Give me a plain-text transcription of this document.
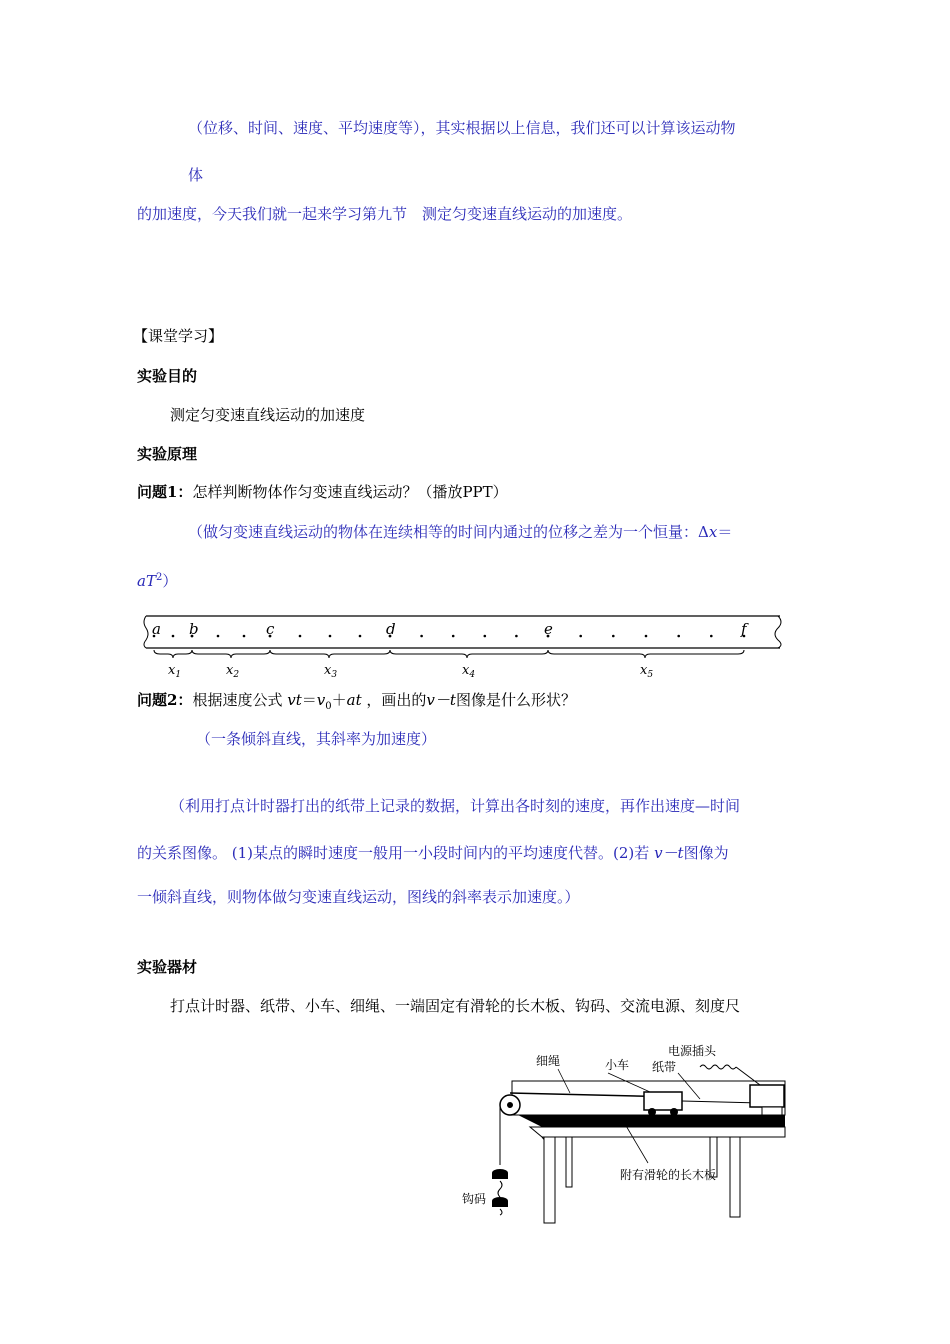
（位移、时间、速度、平均速度等），其实根据以上信息，我们还可以计算该运动物
体
的加速度，今天我们就一起来学习第九节　测定匀变速直线运动的加速度。
【课堂学习】
实验目的
测定匀变速直线运动的加速度
实验原理
问题1：怎样判断物体作匀变速直线运动？（播放PPT）
（做匀变速直线运动的物体在连续相等的时间内通过的位移之差为一个恒量：Δx＝
$aT^2$）
a b	c	d	e	f
$x_1$	$x_2$	$x_3$	$x_4$	$x_5$
问题2：根据速度公式 $vt=v_0+at$ ，画出的v－t图像是什么形状？
（一条倾斜直线，其斜率为加速度）
（利用打点计时器打出的纸带上记录的数据，计算出各时刻的速度，再作出速度—时间
的关系图像。 (1)某点的瞬时速度一般用一小段时间内的平均速度代替。(2)若 v－t图像为
一倾斜直线，则物体做匀变速直线运动，图线的斜率表示加速度。）
实验器材
打点计时器、纸带、小车、细绳、一端固定有滑轮的长木板、钩码、交流电源、刻度尺
电源插头
小车 纸带
细绳
附有滑轮的长木板
钩码
